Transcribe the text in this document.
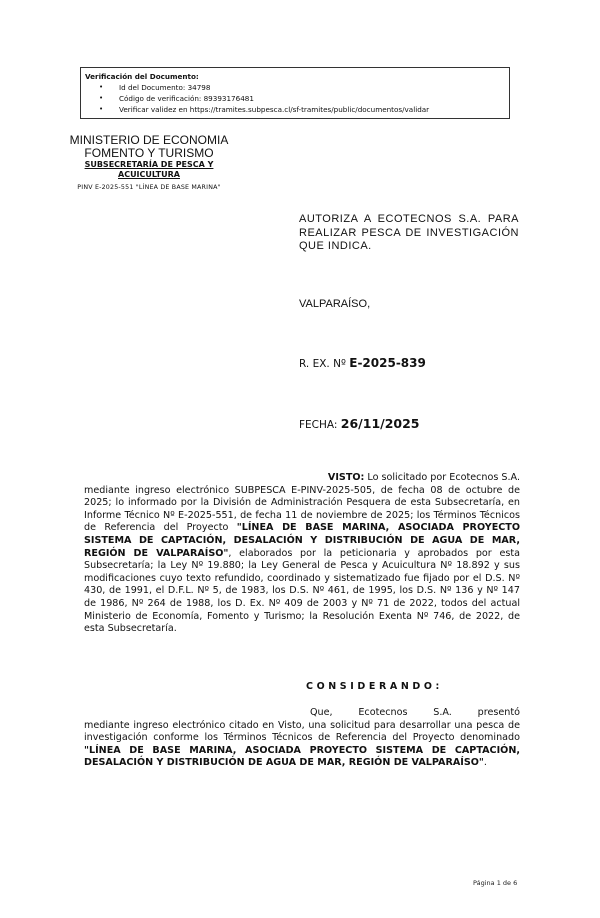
Verificación del Documento:
• Id del Documento: 34798
• Código de verificación: 89393176481
• Verificar validez en https://tramites.subpesca.cl/sf-tramites/public/documentos/validar
MINISTERIO DE ECONOMIA
FOMENTO Y TURISMO
SUBSECRETARÍA DE PESCA Y
ACUICULTURA
PINV E-2025-551 "LÍNEA DE BASE MARINA"
AUTORIZA A ECOTECNOS S.A. PARA REALIZAR PESCA DE INVESTIGACIÓN QUE INDICA.
VALPARAÍSO,
R. EX. Nº E-2025-839
FECHA: 26/11/2025
VISTO: Lo solicitado por Ecotecnos S.A.
mediante ingreso electrónico SUBPESCA E-PINV-2025-505, de fecha 08 de octubre de 2025; lo informado por la División de Administración Pesquera de esta Subsecretaría, en Informe Técnico Nº E-2025-551, de fecha 11 de noviembre de 2025; los Términos Técnicos de Referencia del Proyecto "LÍNEA DE BASE MARINA, ASOCIADA PROYECTO SISTEMA DE CAPTACIÓN, DESALACIÓN Y DISTRIBUCIÓN DE AGUA DE MAR, REGIÓN DE VALPARAÍSO", elaborados por la peticionaria y aprobados por esta Subsecretaría; la Ley Nº 19.880; la Ley General de Pesca y Acuicultura Nº 18.892 y sus modificaciones cuyo texto refundido, coordinado y sistematizado fue fijado por el D.S. Nº 430, de 1991, el D.F.L. Nº 5, de 1983, los D.S. Nº 461, de 1995, los D.S. Nº 136 y Nº 147 de 1986, Nº 264 de 1988, los D. Ex. Nº 409 de 2003 y Nº 71 de 2022, todos del actual Ministerio de Economía, Fomento y Turismo; la Resolución Exenta Nº 746, de 2022, de esta Subsecretaría.
CONSIDERANDO:
Que,	Ecotecnos	S.A.	presentó
mediante ingreso electrónico citado en Visto, una solicitud para desarrollar una pesca de investigación conforme los Términos Técnicos de Referencia del Proyecto denominado "LÍNEA DE BASE MARINA, ASOCIADA PROYECTO SISTEMA DE CAPTACIÓN, DESALACIÓN Y DISTRIBUCIÓN DE AGUA DE MAR, REGIÓN DE VALPARAÍSO".
Página 1 de 6
